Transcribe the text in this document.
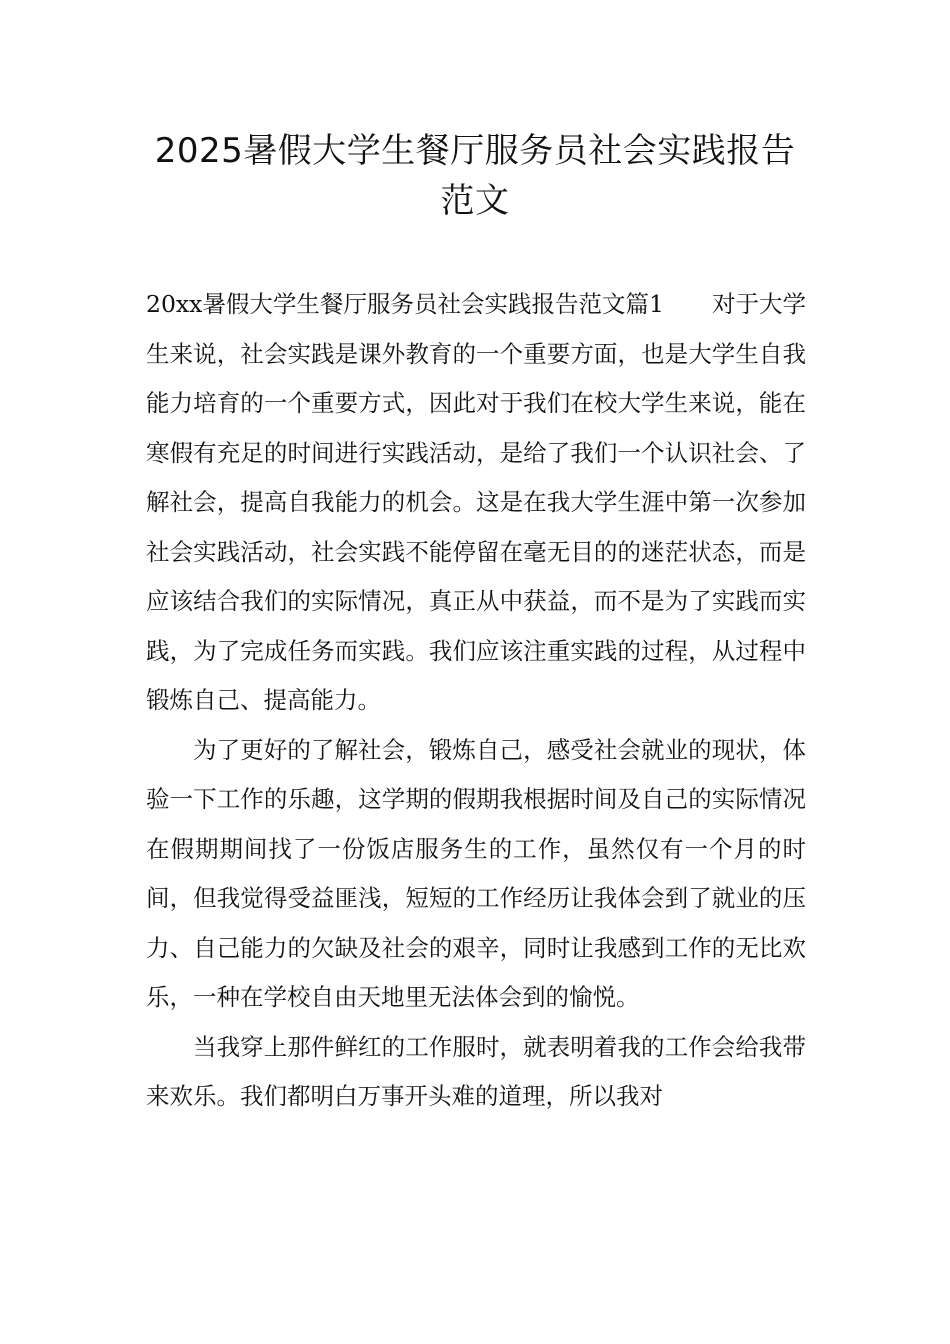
2025暑假大学生餐厅服务员社会实践报告
范文

20xx暑假大学生餐厅服务员社会实践报告范文篇1 对于大学生来说，社会实践是课外教育的一个重要方面，也是大学生自我能力培育的一个重要方式，因此对于我们在校大学生来说，能在寒假有充足的时间进行实践活动，是给了我们一个认识社会、了解社会，提高自我能力的机会。这是在我大学生涯中第一次参加社会实践活动，社会实践不能停留在毫无目的的迷茫状态，而是应该结合我们的实际情况，真正从中获益，而不是为了实践而实践，为了完成任务而实践。我们应该注重实践的过程，从过程中锻炼自己、提高能力。

为了更好的了解社会，锻炼自己，感受社会就业的现状，体验一下工作的乐趣，这学期的假期我根据时间及自己的实际情况在假期期间找了一份饭店服务生的工作，虽然仅有一个月的时间，但我觉得受益匪浅，短短的工作经历让我体会到了就业的压力、自己能力的欠缺及社会的艰辛，同时让我感到工作的无比欢乐，一种在学校自由天地里无法体会到的愉悦。

当我穿上那件鲜红的工作服时，就表明着我的工作会给我带来欢乐。我们都明白万事开头难的道理，所以我对
